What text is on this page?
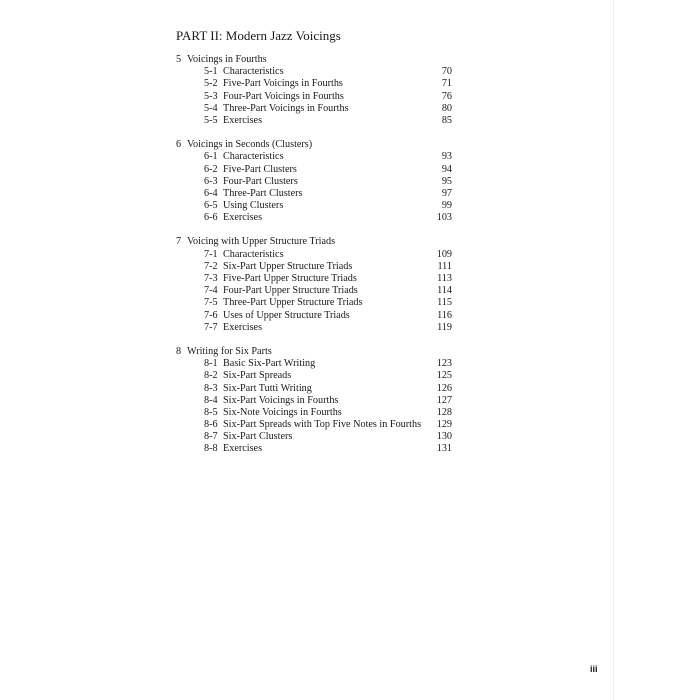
PART II: Modern Jazz Voicings
5 Voicings in Fourths
5-1 Characteristics	70
5-2 Five-Part Voicings in Fourths	71
5-3 Four-Part Voicings in Fourths	76
5-4 Three-Part Voicings in Fourths	80
5-5 Exercises	85
6 Voicings in Seconds (Clusters)
6-1 Characteristics	93
6-2 Five-Part Clusters	94
6-3 Four-Part Clusters	95
6-4 Three-Part Clusters	97
6-5 Using Clusters	99
6-6 Exercises	103
7 Voicing with Upper Structure Triads
7-1 Characteristics	109
7-2 Six-Part Upper Structure Triads	111
7-3 Five-Part Upper Structure Triads	113
7-4 Four-Part Upper Structure Triads	114
7-5 Three-Part Upper Structure Triads	115
7-6 Uses of Upper Structure Triads	116
7-7 Exercises	119
8 Writing for Six Parts
8-1 Basic Six-Part Writing	123
8-2 Six-Part Spreads	125
8-3 Six-Part Tutti Writing	126
8-4 Six-Part Voicings in Fourths	127
8-5 Six-Note Voicings in Fourths	128
8-6 Six-Part Spreads with Top Five Notes in Fourths 129
8-7 Six-Part Clusters	130
8-8 Exercises	131
iii
